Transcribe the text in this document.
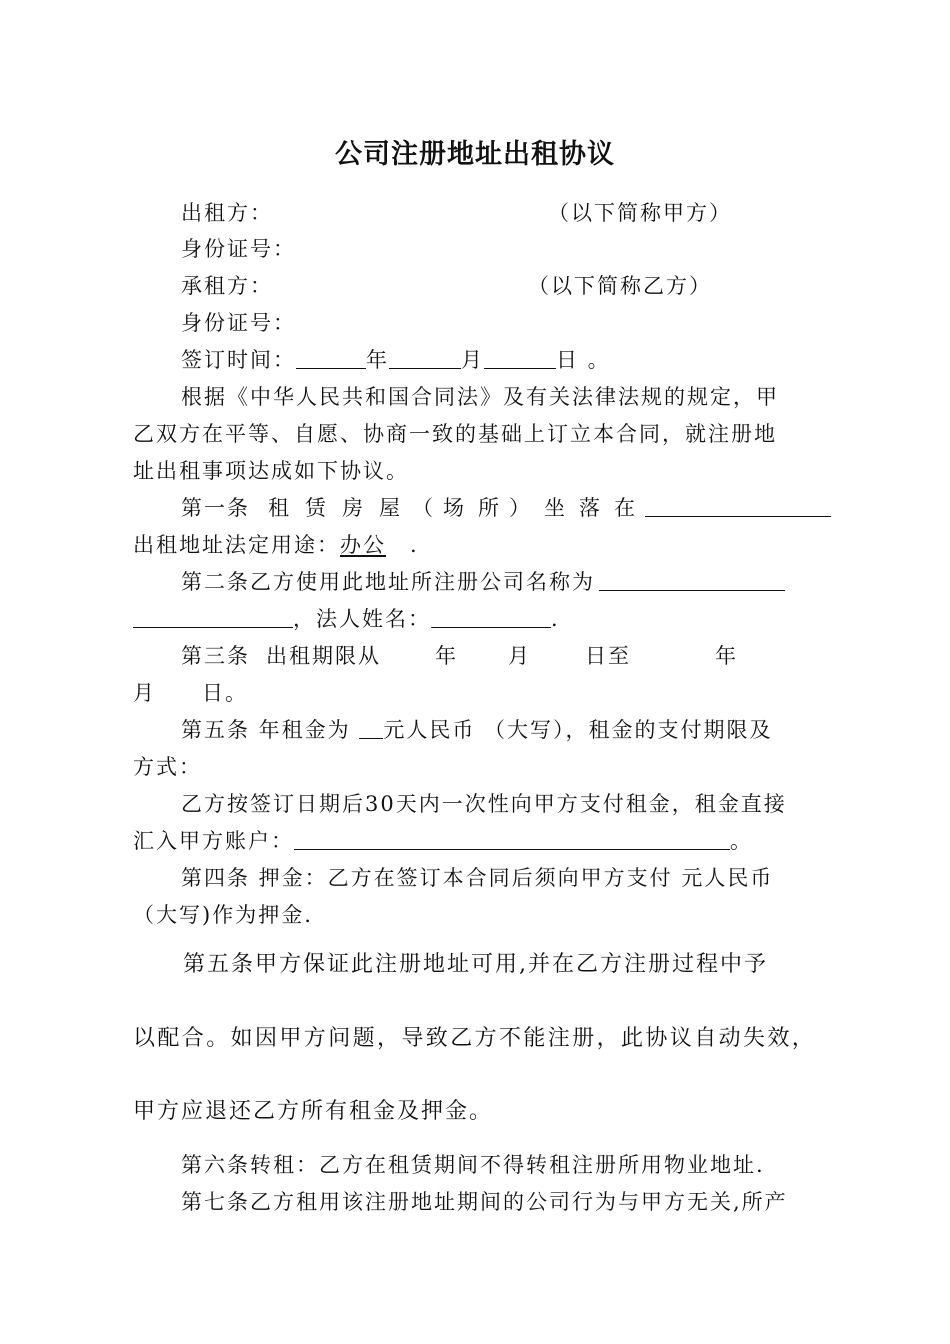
公司注册地址出租协议
出租方：	（以下简称甲方）
身份证号：
承租方：	（以下简称乙方）
身份证号：
签订时间：	年	月	日 。
根据《中华人民共和国合同法》及有关法律法规的规定，甲
乙双方在平等、自愿、协商一致的基础上订立本合同，就注册地
址出租事项达成如下协议。
第一条 租 赁 房 屋 （ 场 所 ） 坐 落 在
出租地址法定用途：办公 .
第二条乙方使用此地址所注册公司名称为
，法人姓名：	.
第三条 出租期限从	年 月	日至	年
月 日。
第五条 年租金为 元人民币 （大写），租金的支付期限及
方式：
乙方按签订日期后30天内一次性向甲方支付租金，租金直接
汇入甲方账户：	。
第四条 押金：乙方在签订本合同后须向甲方支付 元人民币
（大写)作为押金.
第五条甲方保证此注册地址可用,并在乙方注册过程中予
以配合。如因甲方问题，导致乙方不能注册，此协议自动失效，
甲方应退还乙方所有租金及押金。
第六条转租：乙方在租赁期间不得转租注册所用物业地址.
第七条乙方租用该注册地址期间的公司行为与甲方无关,所产
